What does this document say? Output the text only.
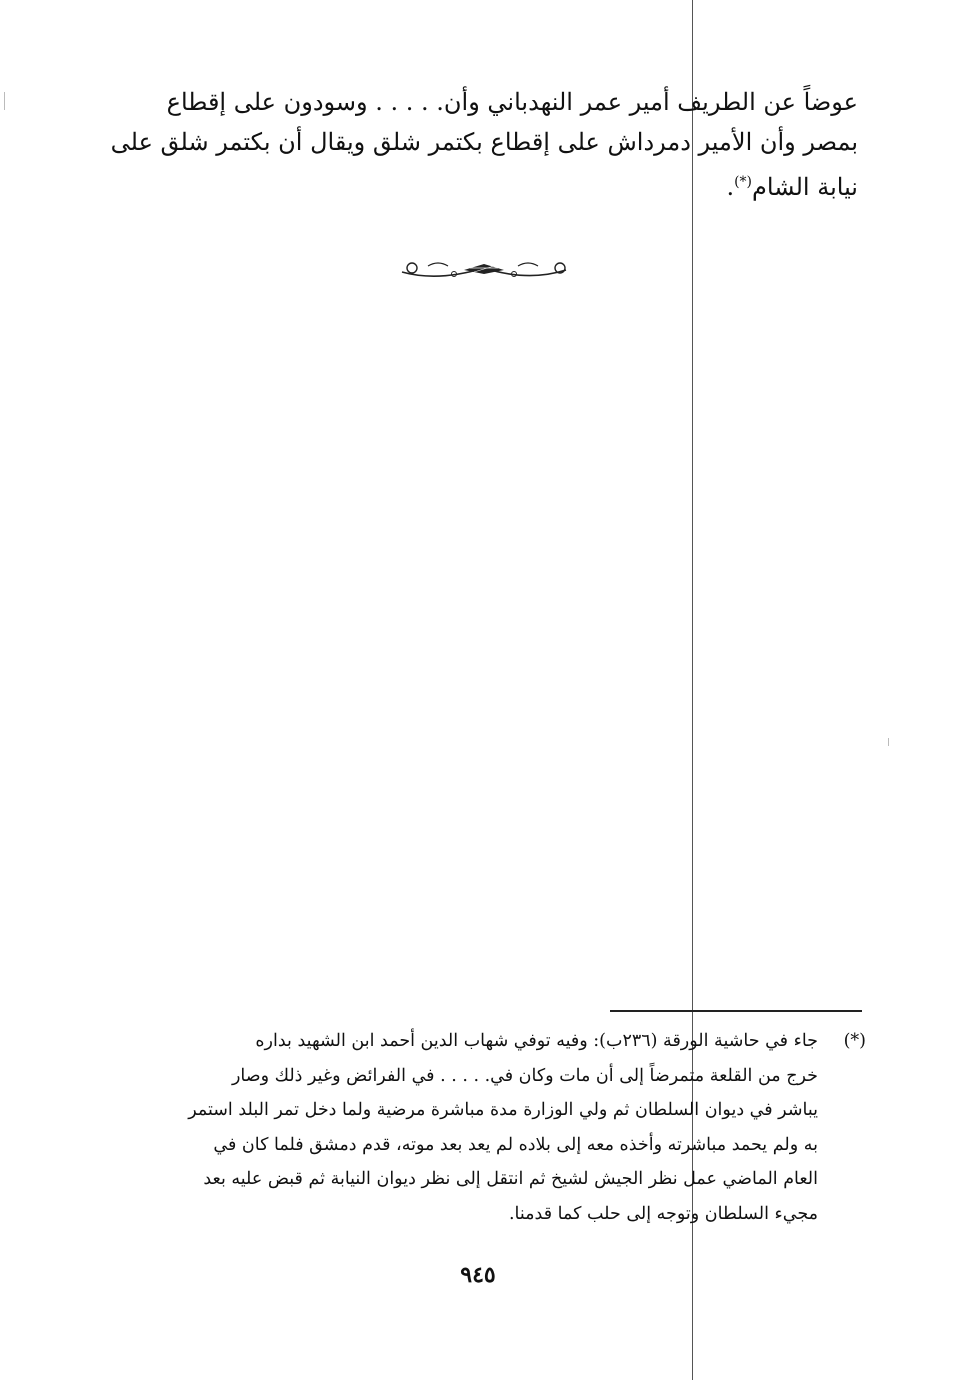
عوضاً عن الطريف أمير عمر النهدباني وأن. . . . . وسودون على إقطاع

بمصر وأن الأمير دمرداش على إقطاع بكتمر شلق ويقال أن بكتمر شلق على

نيابة الشام(*).

(*)

جاء في حاشية الورقة (٢٣٦ب): وفيه توفي شهاب الدين أحمد ابن الشهيد بداره

خرج من القلعة متمرضاً إلى أن مات وكان في. . . . . في الفرائض وغير ذلك وصار

يباشر في ديوان السلطان ثم ولي الوزارة مدة مباشرة مرضية ولما دخل تمر البلد استمر

به ولم يحمد مباشرته وأخذه معه إلى بلاده لم يعد بعد موته، قدم دمشق فلما كان في

العام الماضي عمل نظر الجيش لشيخ ثم انتقل إلى نظر ديوان النيابة ثم قبض عليه بعد

مجيء السلطان وتوجه إلى حلب كما قدمنا.

٩٤٥
